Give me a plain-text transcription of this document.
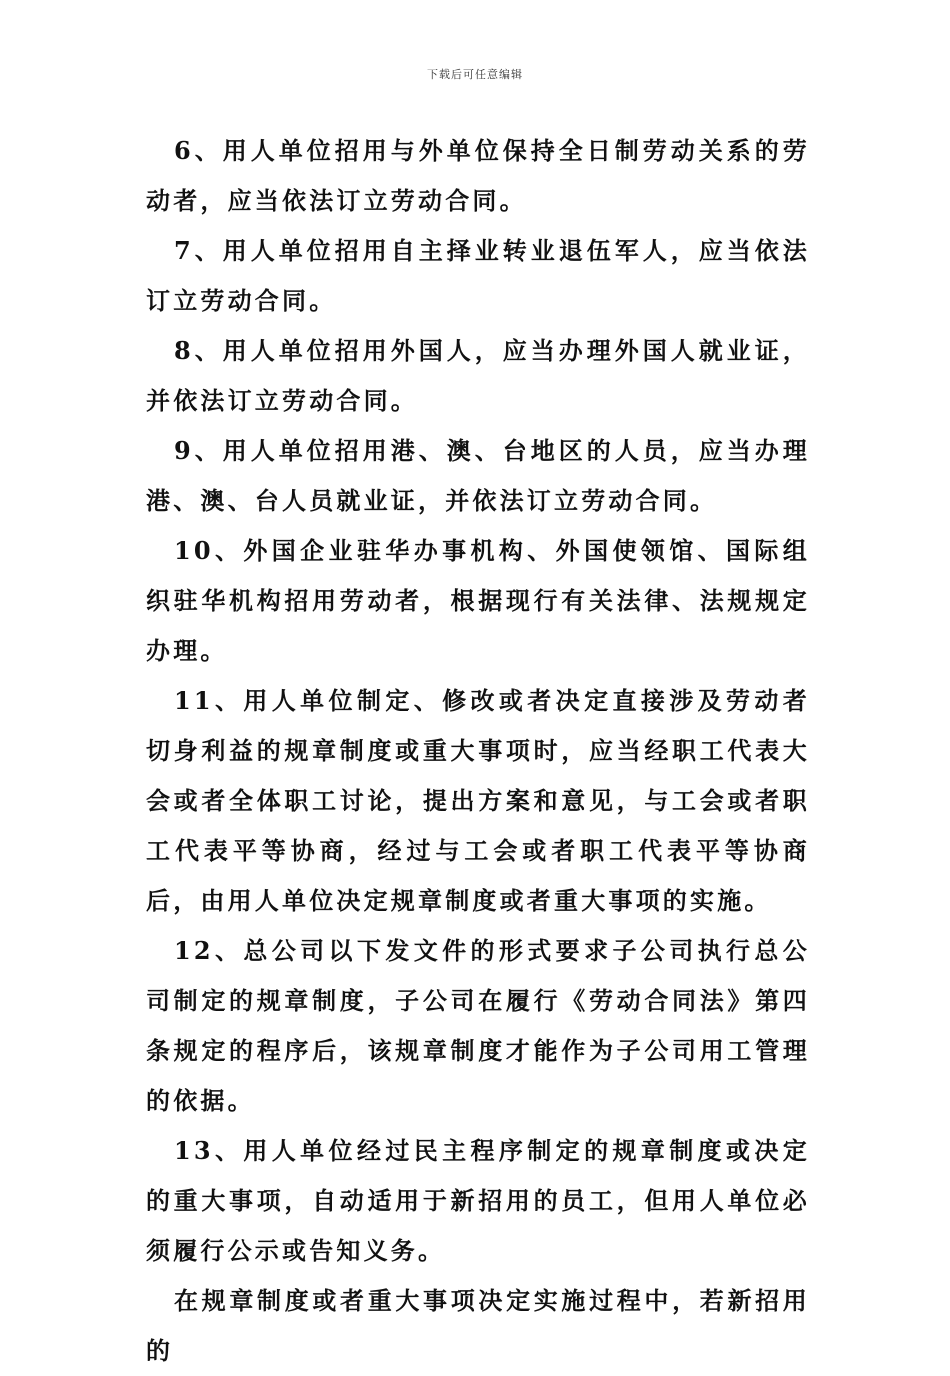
下载后可任意编辑

6、用人单位招用与外单位保持全日制劳动关系的劳动者，应当依法订立劳动合同。

7、用人单位招用自主择业转业退伍军人，应当依法订立劳动合同。

8、用人单位招用外国人，应当办理外国人就业证，并依法订立劳动合同。

9、用人单位招用港、澳、台地区的人员，应当办理港、澳、台人员就业证，并依法订立劳动合同。

10、外国企业驻华办事机构、外国使领馆、国际组织驻华机构招用劳动者，根据现行有关法律、法规规定办理。

11、用人单位制定、修改或者决定直接涉及劳动者切身利益的规章制度或重大事项时，应当经职工代表大会或者全体职工讨论，提出方案和意见，与工会或者职工代表平等协商，经过与工会或者职工代表平等协商后，由用人单位决定规章制度或者重大事项的实施。

12、总公司以下发文件的形式要求子公司执行总公司制定的规章制度，子公司在履行《劳动合同法》第四条规定的程序后，该规章制度才能作为子公司用工管理的依据。

13、用人单位经过民主程序制定的规章制度或决定的重大事项，自动适用于新招用的员工，但用人单位必须履行公示或告知义务。

在规章制度或者重大事项决定实施过程中，若新招用的
